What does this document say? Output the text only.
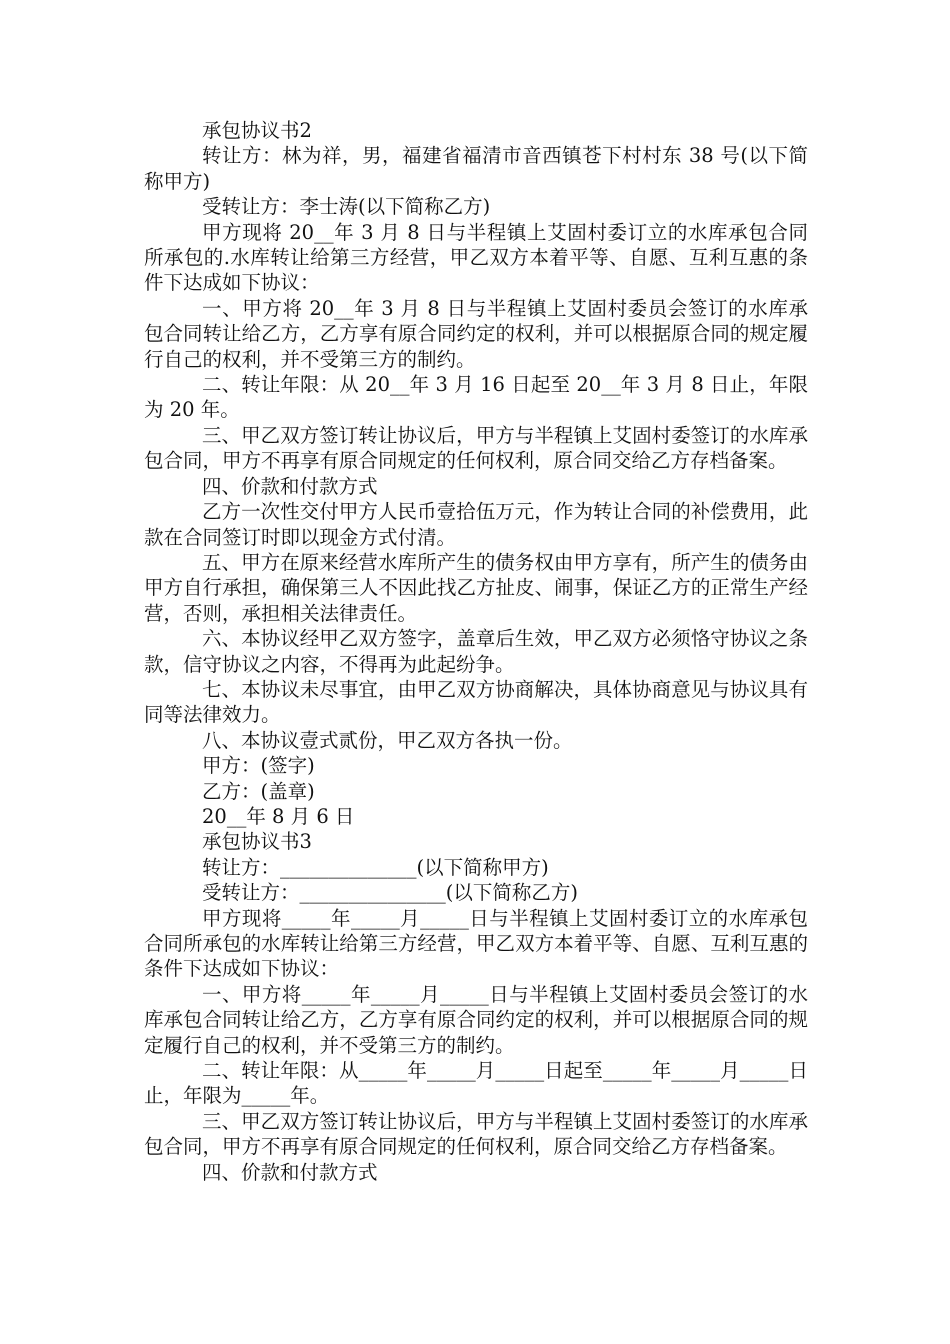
承包协议书2

转让方：林为祥，男，福建省福清市音西镇苍下村村东 38 号(以下简称甲方)

受转让方：李士涛(以下简称乙方)

甲方现将 20__年 3 月 8 日与半程镇上艾固村委订立的水库承包合同所承包的.水库转让给第三方经营，甲乙双方本着平等、自愿、互利互惠的条件下达成如下协议：

一、甲方将 20__年 3 月 8 日与半程镇上艾固村委员会签订的水库承包合同转让给乙方，乙方享有原合同约定的权利，并可以根据原合同的规定履行自己的权利，并不受第三方的制约。

二、转让年限：从 20__年 3 月 16 日起至 20__年 3 月 8 日止，年限为 20 年。

三、甲乙双方签订转让协议后，甲方与半程镇上艾固村委签订的水库承包合同，甲方不再享有原合同规定的任何权利，原合同交给乙方存档备案。

四、价款和付款方式

乙方一次性交付甲方人民币壹拾伍万元，作为转让合同的补偿费用，此款在合同签订时即以现金方式付清。

五、甲方在原来经营水库所产生的债务权由甲方享有，所产生的债务由甲方自行承担，确保第三人不因此找乙方扯皮、闹事，保证乙方的正常生产经营，否则，承担相关法律责任。

六、本协议经甲乙双方签字，盖章后生效，甲乙双方必须恪守协议之条款，信守协议之内容，不得再为此起纷争。

七、本协议未尽事宜，由甲乙双方协商解决，具体协商意见与协议具有同等法律效力。

八、本协议壹式贰份，甲乙双方各执一份。

甲方：(签字)

乙方：(盖章)

20__年 8 月 6 日

承包协议书3

转让方：______________(以下简称甲方)

受转让方：_______________(以下简称乙方)

甲方现将_____年_____月_____日与半程镇上艾固村委订立的水库承包合同所承包的水库转让给第三方经营，甲乙双方本着平等、自愿、互利互惠的条件下达成如下协议：

一、甲方将_____年_____月_____日与半程镇上艾固村委员会签订的水库承包合同转让给乙方，乙方享有原合同约定的权利，并可以根据原合同的规定履行自己的权利，并不受第三方的制约。

二、转让年限：从_____年_____月_____日起至_____年_____月_____日止，年限为_____年。

三、甲乙双方签订转让协议后，甲方与半程镇上艾固村委签订的水库承包合同，甲方不再享有原合同规定的任何权利，原合同交给乙方存档备案。

四、价款和付款方式
